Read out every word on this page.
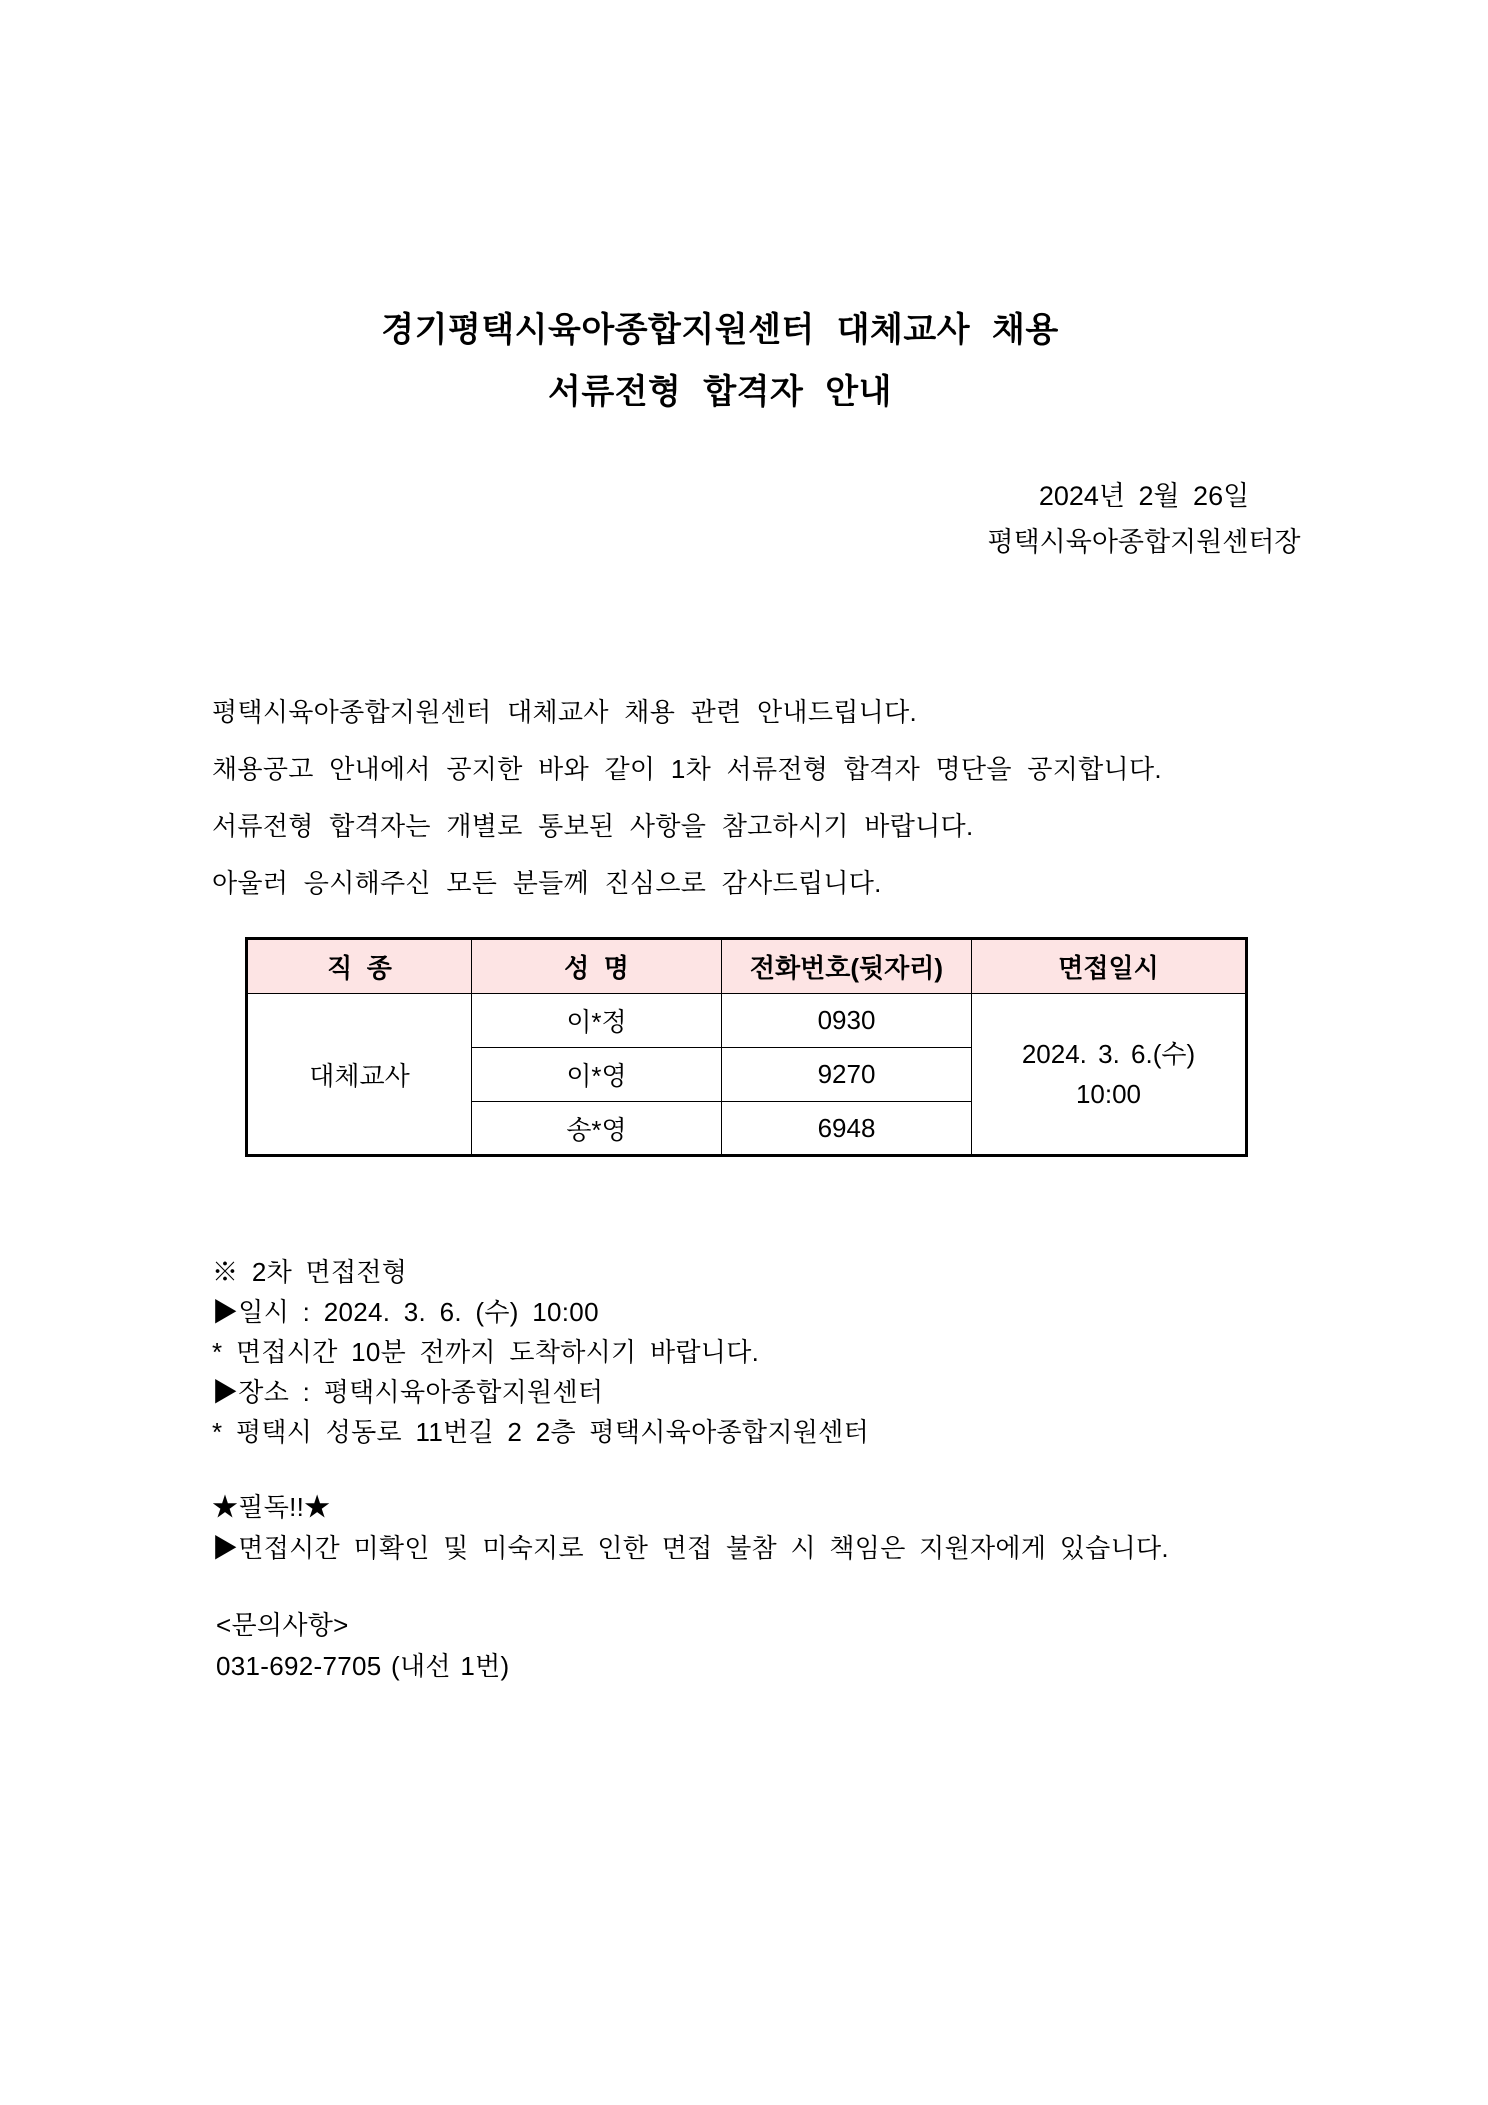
경기평택시육아종합지원센터 대체교사 채용
서류전형 합격자 안내
2024년 2월 26일
평택시육아종합지원센터장
평택시육아종합지원센터 대체교사 채용 관련 안내드립니다.
채용공고 안내에서 공지한 바와 같이 1차 서류전형 합격자 명단을 공지합니다.
서류전형 합격자는 개별로 통보된 사항을 참고하시기 바랍니다.
아울러 응시해주신 모든 분들께 진심으로 감사드립니다.
직  종	성  명	전화번호(뒷자리)	면접일시
대체교사	이*정	0930	2024. 3. 6.(수)
10:00

	이*영	9270	
	송*영	6948	
※ 2차 면접전형
▶일시 : 2024. 3. 6. (수) 10:00
* 면접시간 10분 전까지 도착하시기 바랍니다.
▶장소 : 평택시육아종합지원센터
* 평택시 성동로 11번길 2 2층 평택시육아종합지원센터
★필독!!★
▶면접시간 미확인 및 미숙지로 인한 면접 불참 시 책임은 지원자에게 있습니다.
<문의사항>
031-692-7705 (내선 1번)
